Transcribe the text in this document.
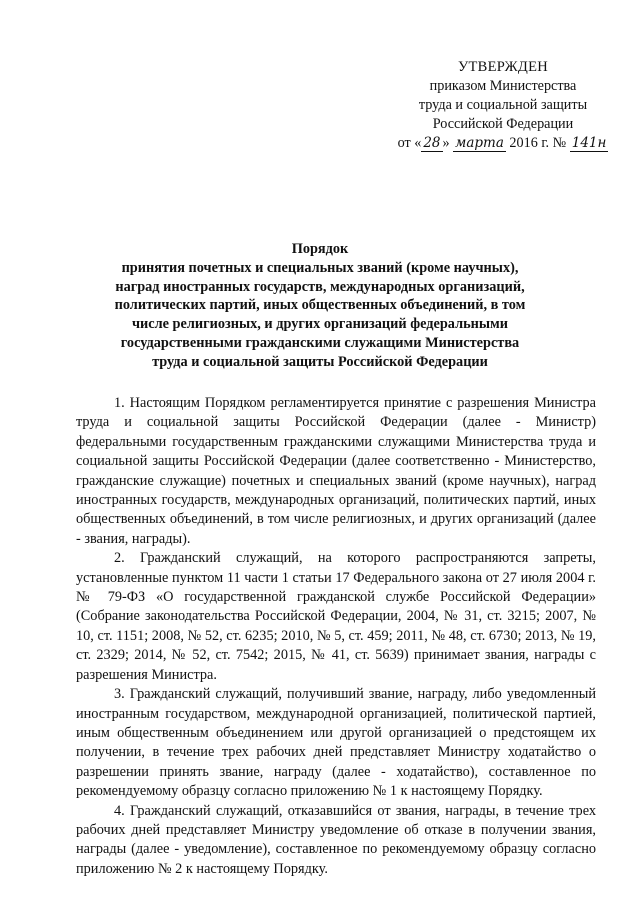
УТВЕРЖДЕН
приказом Министерства
труда и социальной защиты
Российской Федерации
от « 28 » марта 2016 г. № 141н
Порядок
принятия почетных и специальных званий (кроме научных),
наград иностранных государств, международных организаций,
политических партий, иных общественных объединений, в том
числе религиозных, и других организаций федеральными
государственными гражданскими служащими Министерства
труда и социальной защиты Российской Федерации

1. Настоящим Порядком регламентируется принятие с разрешения Министра труда и социальной защиты Российской Федерации (далее - Министр) федеральными государственным гражданскими служащими Министерства труда и социальной защиты Российской Федерации (далее соответственно - Министерство, гражданские служащие) почетных и специальных званий (кроме научных), наград иностранных государств, международных организаций, политических партий, иных общественных объединений, в том числе религиозных, и других организаций (далее - звания, награды).

2. Гражданский служащий, на которого распространяются запреты, установленные пунктом 11 части 1 статьи 17 Федерального закона от 27 июля 2004 г. № 79-ФЗ «О государственной гражданской службе Российской Федерации» (Собрание законодательства Российской Федерации, 2004, № 31, ст. 3215; 2007, № 10, ст. 1151; 2008, № 52, ст. 6235; 2010, № 5, ст. 459; 2011, № 48, ст. 6730; 2013, № 19, ст. 2329; 2014, № 52, ст. 7542; 2015, № 41, ст. 5639) принимает звания, награды с разрешения Министра.

3. Гражданский служащий, получивший звание, награду, либо уведомленный иностранным государством, международной организацией, политической партией, иным общественным объединением или другой организацией о предстоящем их получении, в течение трех рабочих дней представляет Министру ходатайство о разрешении принять звание, награду (далее - ходатайство), составленное по рекомендуемому образцу согласно приложению № 1 к настоящему Порядку.

4. Гражданский служащий, отказавшийся от звания, награды, в течение трех рабочих дней представляет Министру уведомление об отказе в получении звания, награды (далее - уведомление), составленное по рекомендуемому образцу согласно приложению № 2 к настоящему Порядку.
